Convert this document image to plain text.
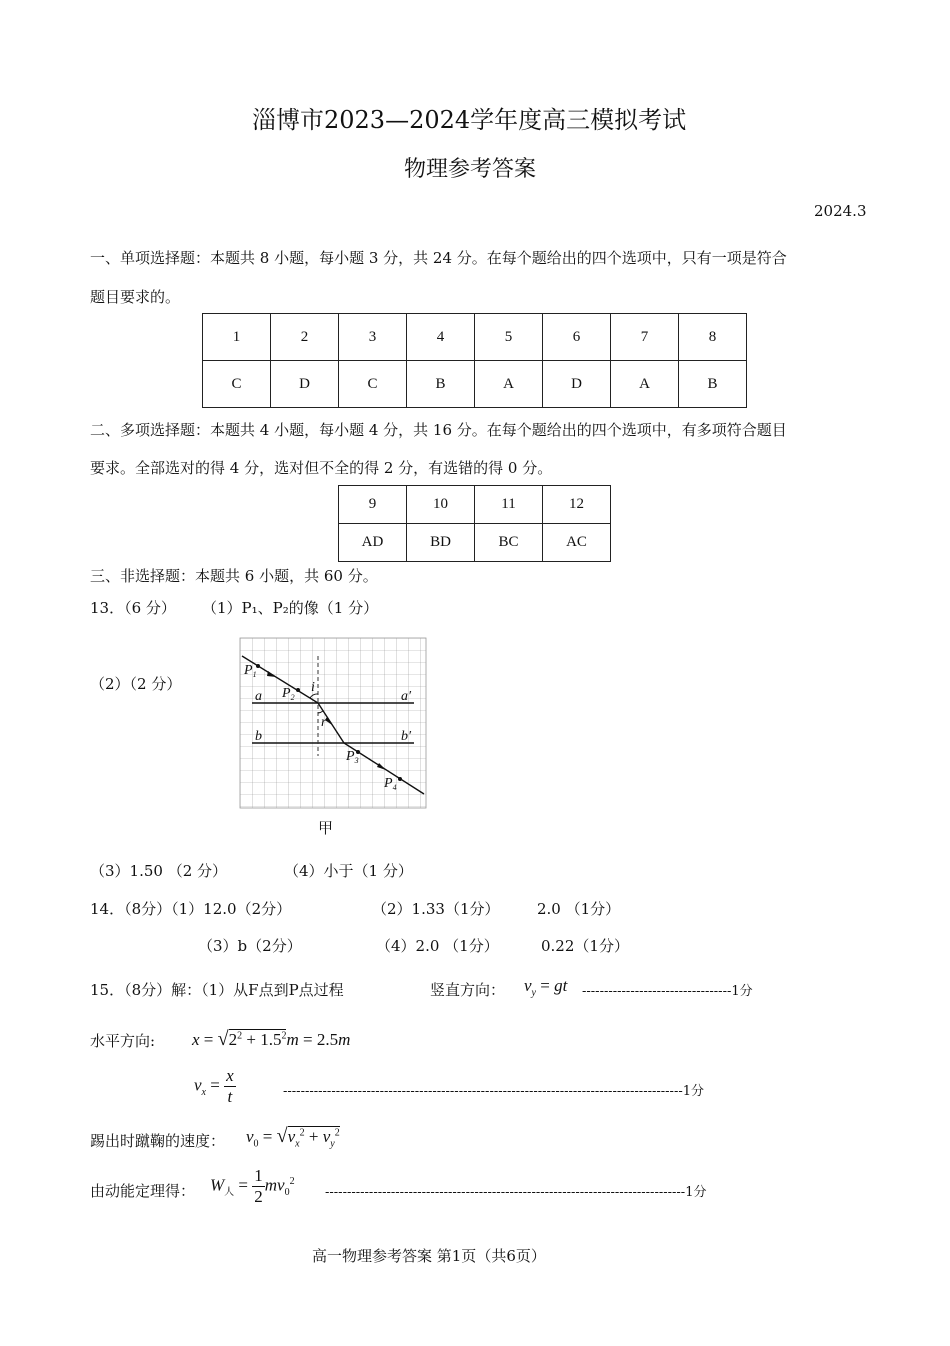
淄博市2023—2024学年度高三模拟考试
物理参考答案
2024.3
一、单项选择题：本题共 8 小题，每小题 3 分，共 24 分。在每个题给出的四个选项中，只有一项是符合
题目要求的。
1	2	3	4	5	6	7	8
C	D	C	B	A	D	A	B
二、多项选择题：本题共 4 小题，每小题 4 分，共 16 分。在每个题给出的四个选项中，有多项符合题目
要求。全部选对的得 4 分，选对但不全的得 2 分，有选错的得 0 分。
9	10	11	12
AD	BD	BC	AC
三、非选择题：本题共 6 小题，共 60 分。
13．（6 分） （1）P₁、P₂的像（1 分）
（2）（2 分）
$P_1$
$P_2$
$P_3$
$P_4$
a	a′
b	b′
i
r
甲
（3）1.50 （2 分）	（4）小于（1 分）
14．（8分）（1）12.0（2分）	（2）1.33（1分）	2.0 （1分）
（3）b（2分）	（4）2.0 （1分）	0.22（1分）
15．（8分）解：（1）从F点到P点过程	竖直方向： $v_y$ = gt ----------------------------------1分
水平方向: $x = √2^2 + 1.5^2m = 2.5m$
$v_x = \frac{x}{t}$	-------------------------------------------------------------------------------------------1分
踢出时蹴鞠的速度： $v_0 = √v_x^2 + v_y^2$
由动能定理得： $W_人 = \frac{1}{2} mv_0^2$
----------------------------------------------------------------------------------1分
高一物理参考答案 第1页（共6页）
